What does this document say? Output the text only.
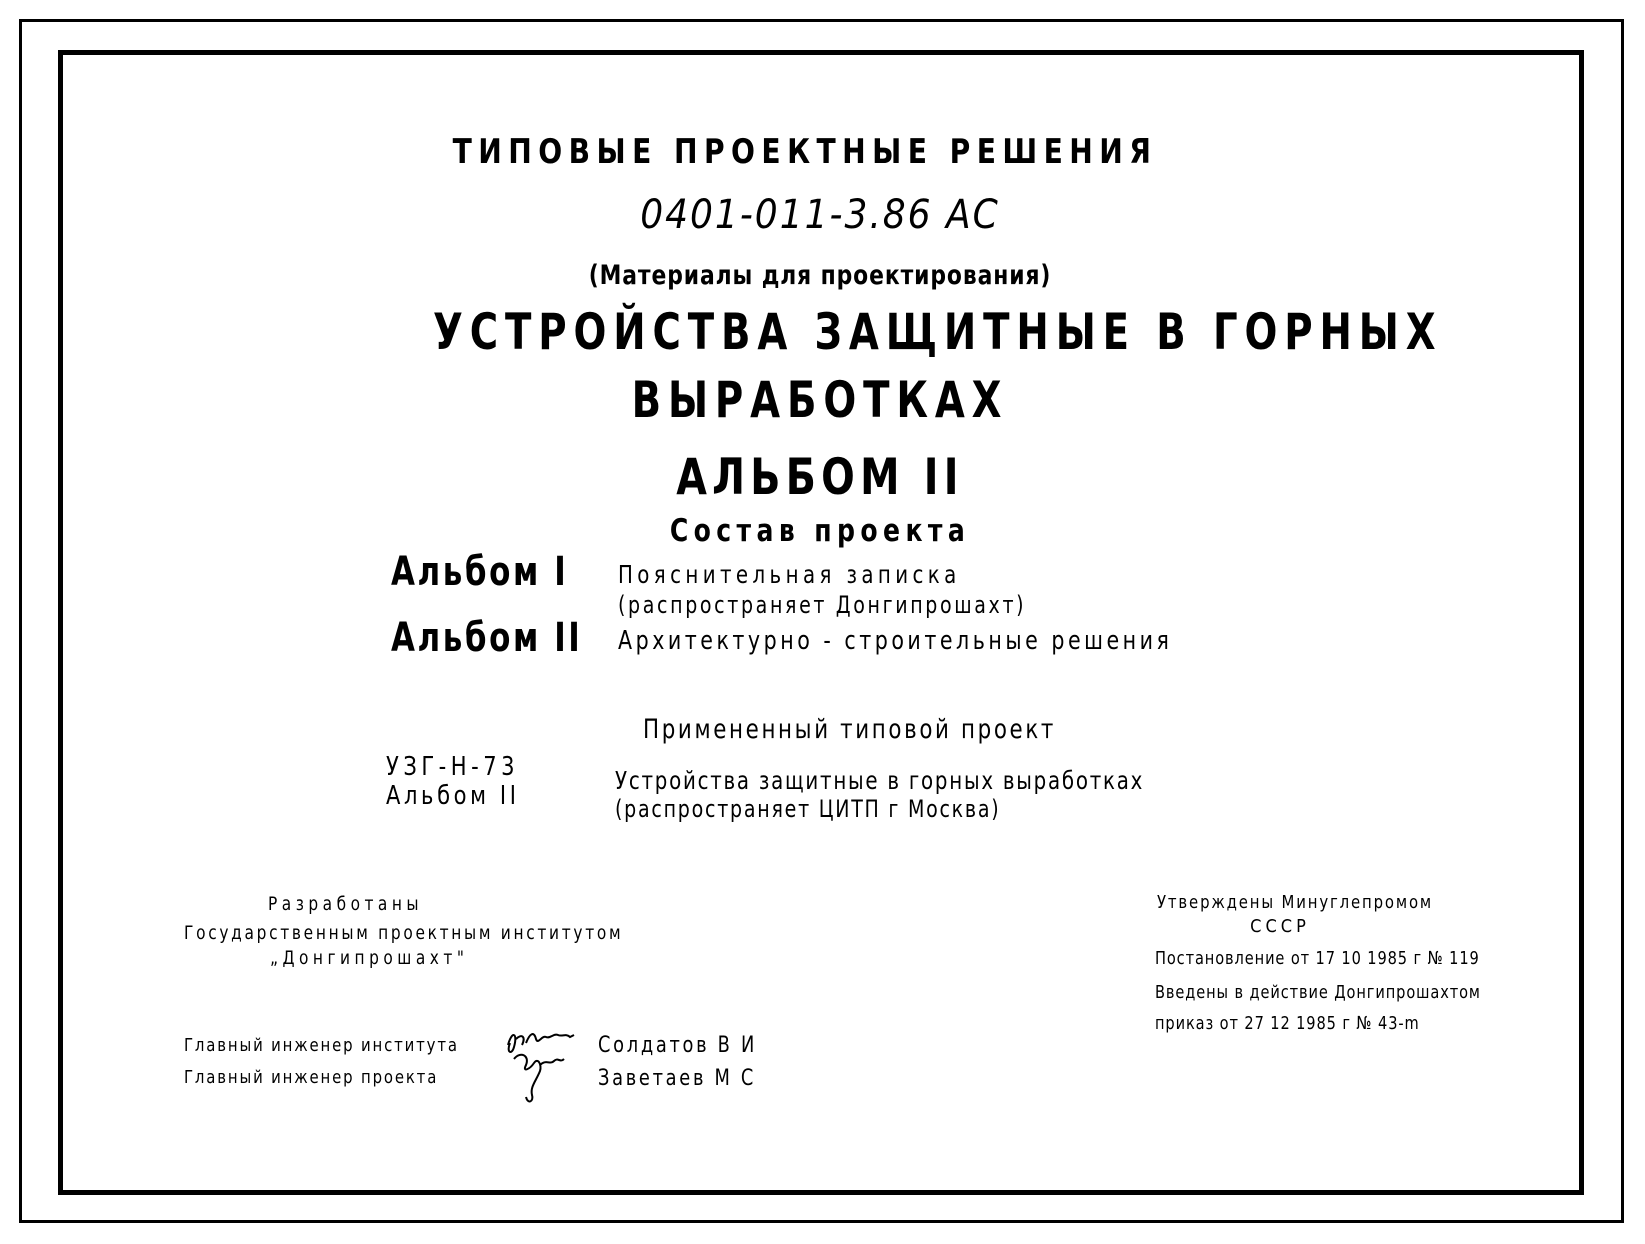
ТИПОВЫЕ ПРОЕКТНЫЕ РЕШЕНИЯ
0401-011-3.86 АС
(Материалы для проектирования)
УСТРОЙСТВА ЗАЩИТНЫЕ В ГОРНЫХ
ВЫРАБОТКАХ
АЛЬБОМ II
Состав проекта
Альбом I Пояснительная записка
(распространяет Донгипрошахт)
Альбом II Архитектурно - строительные решения
Примененный типовой проект
УЗГ-Н-73
Альбом II
Устройства защитные в горных выработках
(распространяет ЦИТП г Москва)
Разработаны
Государственным проектным институтом
„Донгипрошахт"
Главный инженер института
Главный инженер проекта
Солдатов В И
Заветаев М С
Утверждены Минуглепромом
СССР
Постановление от 17 10 1985 г № 119
Введены в действие Донгипрошахтом
приказ от 27 12 1985 г № 43-m
